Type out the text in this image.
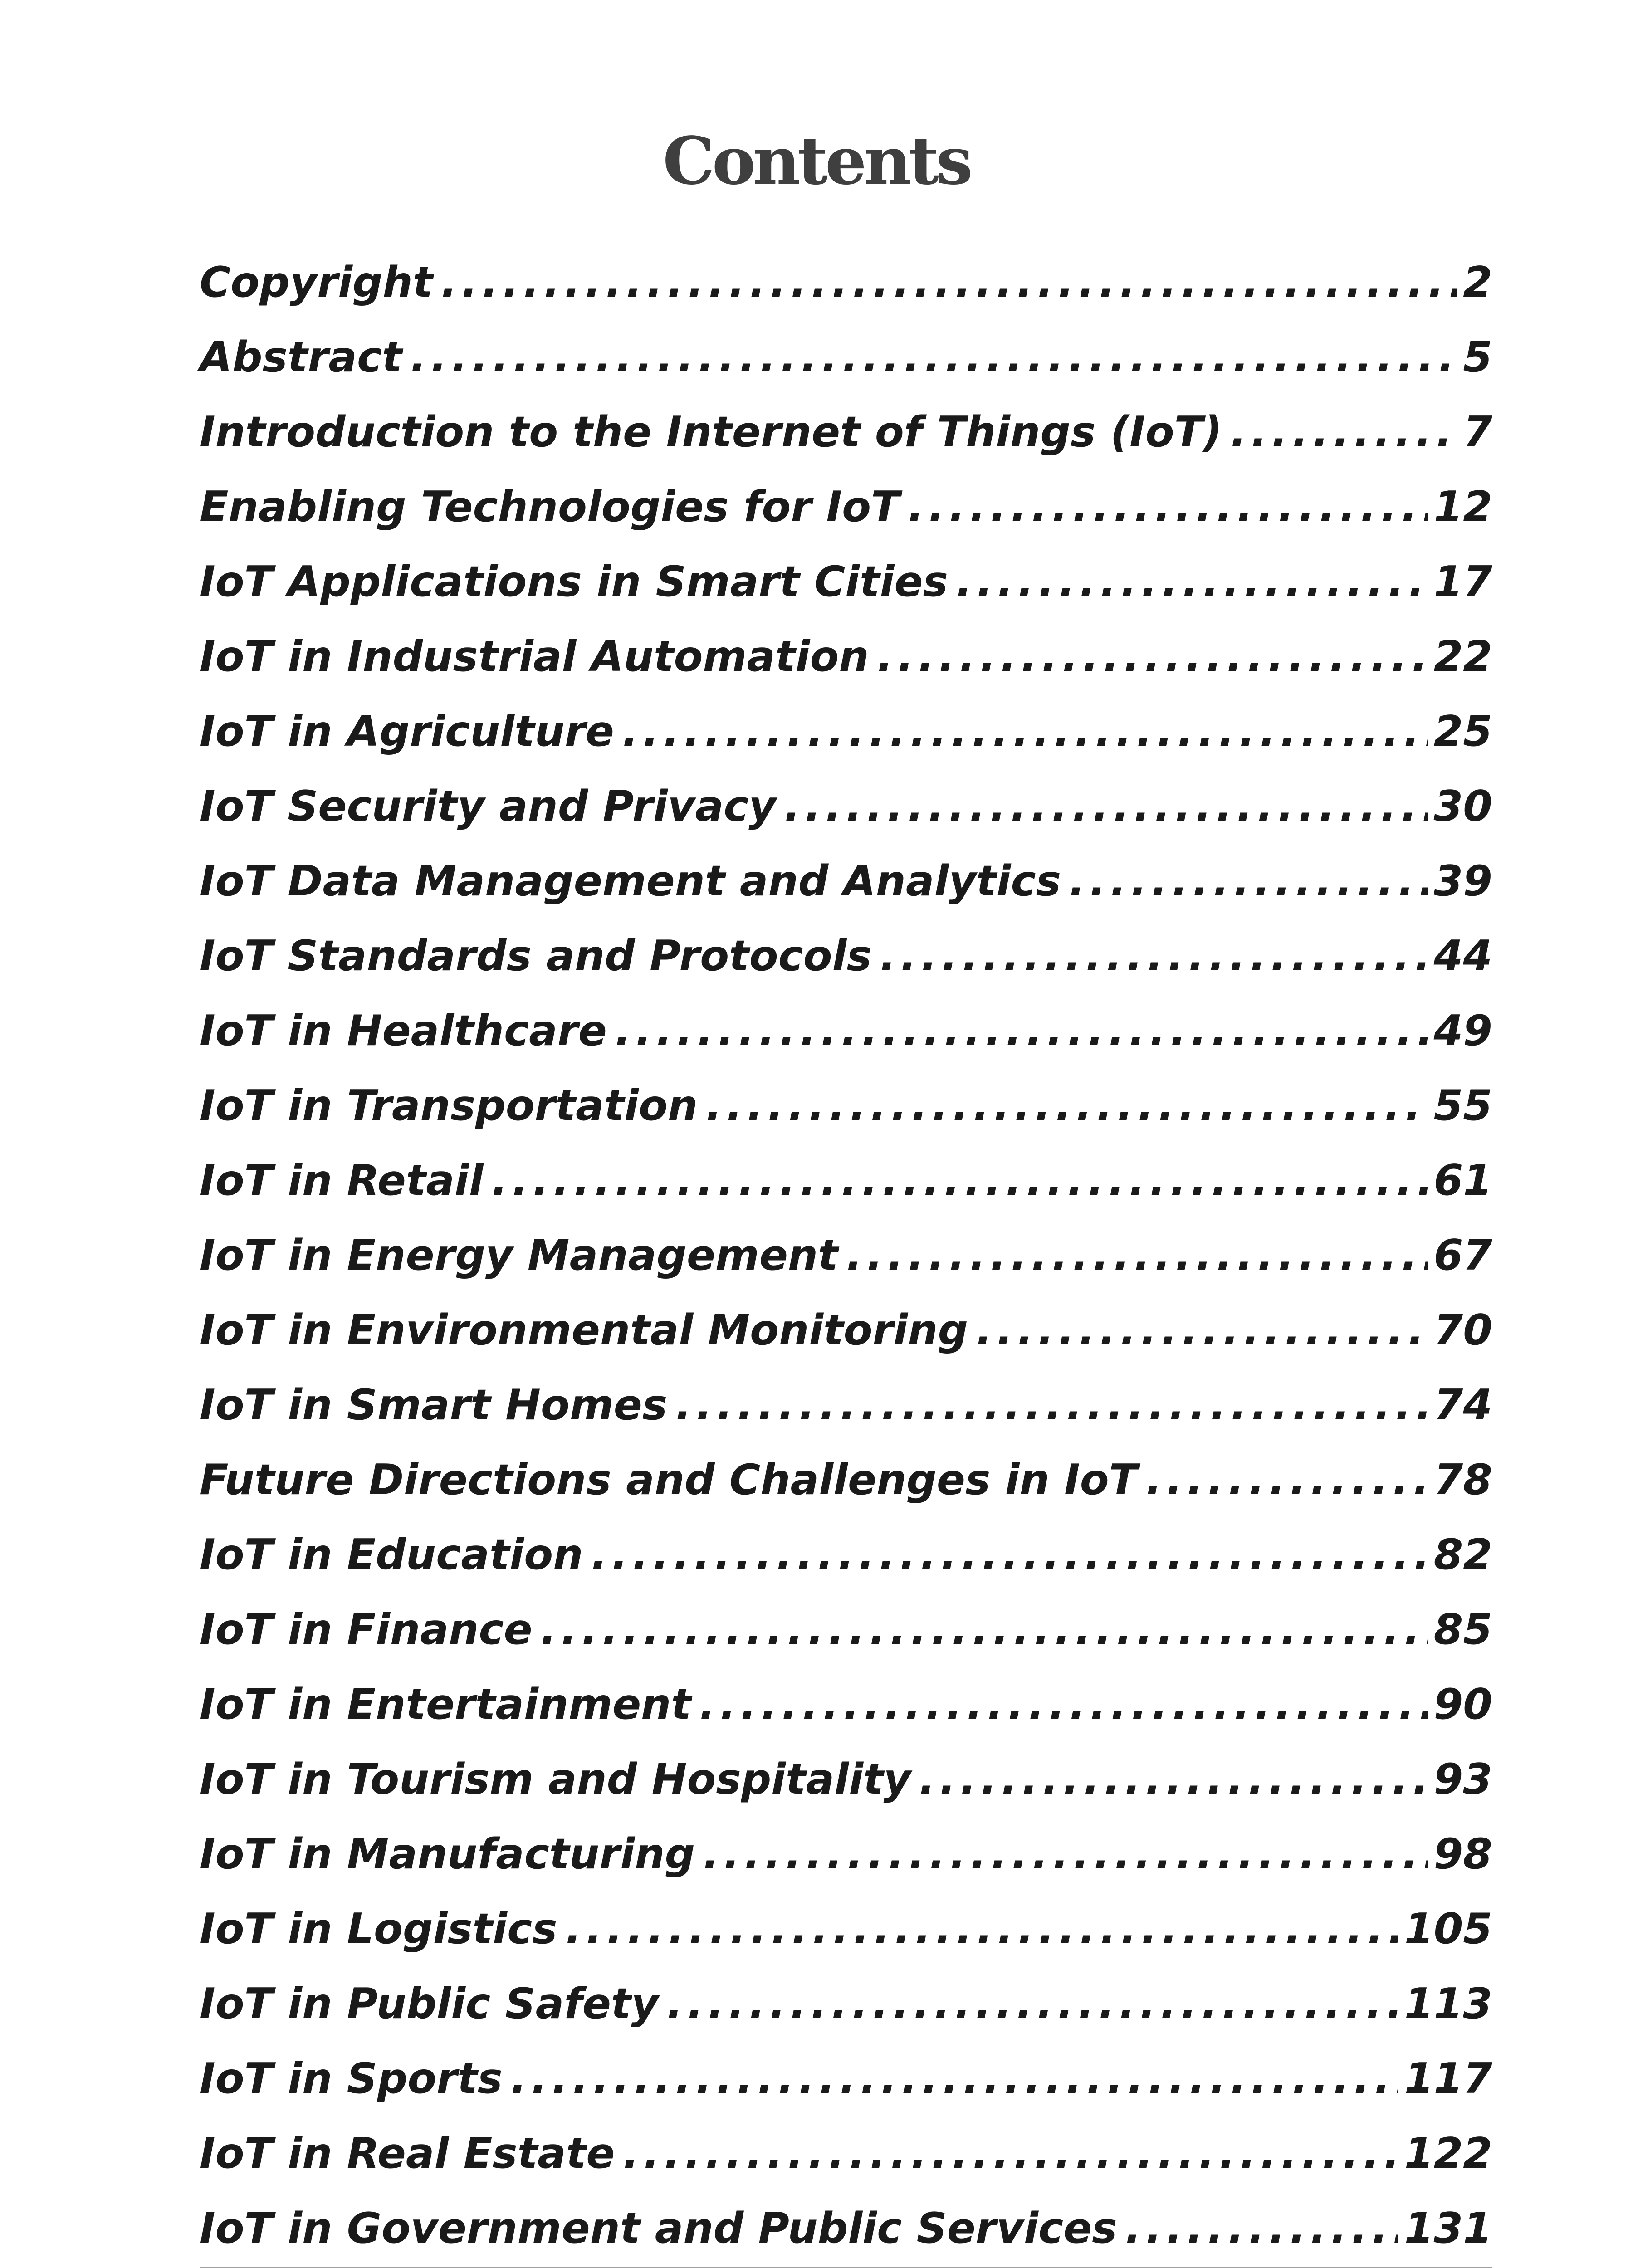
Contents
Copyright .....	2
Abstract .....	5
Introduction to the Internet of Things (IoT) .....	7
Enabling Technologies for IoT .....	12
IoT Applications in Smart Cities .....	17
IoT in Industrial Automation .....	22
IoT in Agriculture .....	25
IoT Security and Privacy .....	30
IoT Data Management and Analytics .....	39
IoT Standards and Protocols .....	44
IoT in Healthcare .....	49
IoT in Transportation .....	55
IoT in Retail .....	61
IoT in Energy Management .....	67
IoT in Environmental Monitoring .....	70
IoT in Smart Homes .....	74
Future Directions and Challenges in IoT .....	78
IoT in Education .....	82
IoT in Finance .....	85
IoT in Entertainment .....	90
IoT in Tourism and Hospitality .....	93
IoT in Manufacturing .....	98
IoT in Logistics .....	105
IoT in Public Safety .....	113
IoT in Sports .....	117
IoT in Real Estate .....	122
IoT in Government and Public Services .....	131
